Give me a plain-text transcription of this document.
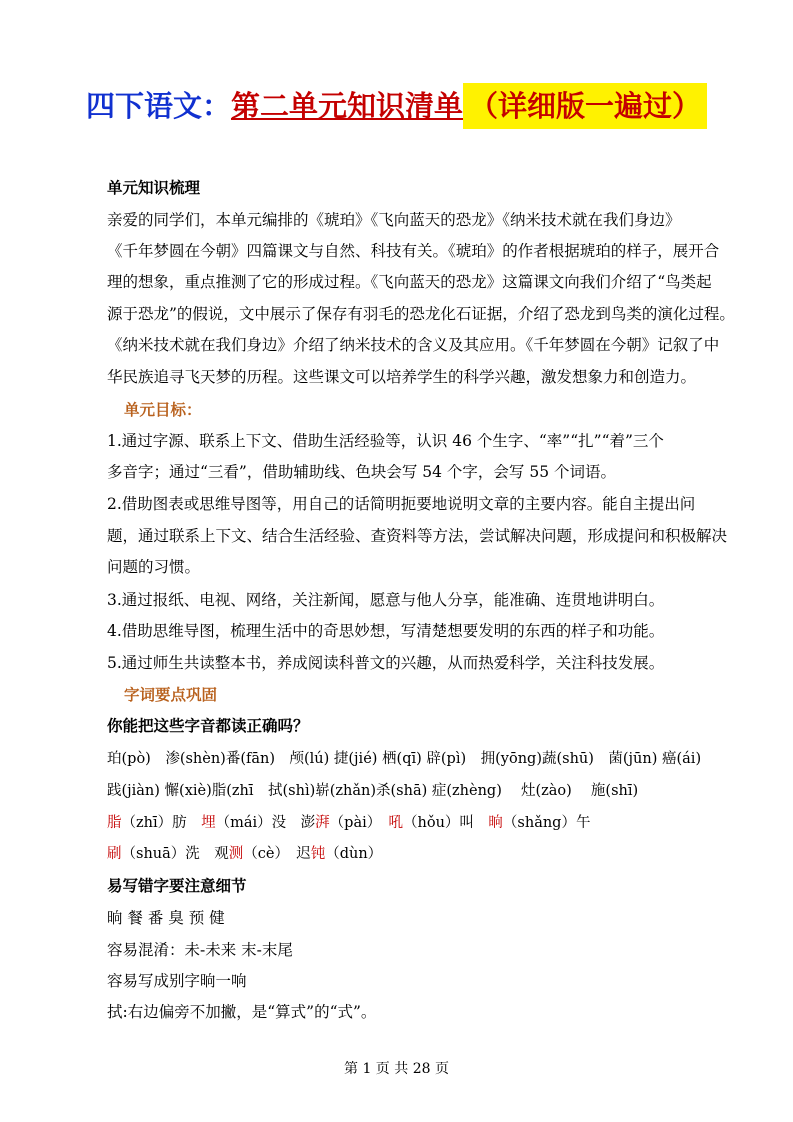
四下语文：第二单元知识清单 （详细版一遍过）
单元知识梳理
亲爱的同学们，本单元编排的《琥珀》《飞向蓝天的恐龙》《纳米技术就在我们身边》
《千年梦圆在今朝》四篇课文与自然、科技有关。《琥珀》的作者根据琥珀的样子，展开合
理的想象，重点推测了它的形成过程。《飞向蓝天的恐龙》这篇课文向我们介绍了“鸟类起
源于恐龙”的假说，文中展示了保存有羽毛的恐龙化石证据，介绍了恐龙到鸟类的演化过程。
《纳米技术就在我们身边》介绍了纳米技术的含义及其应用。《千年梦圆在今朝》记叙了中
华民族追寻飞天梦的历程。这些课文可以培养学生的科学兴趣，激发想象力和创造力。
单元目标：
1.通过字源、联系上下文、借助生活经验等，认识 46 个生字、“率”“扎”“着”三个
多音字；通过“三看”，借助辅助线、色块会写 54 个字，会写 55 个词语。
2.借助图表或思维导图等，用自己的话简明扼要地说明文章的主要内容。能自主提出问
题，通过联系上下文、结合生活经验、查资料等方法，尝试解决问题，形成提问和积极解决
问题的习惯。
3.通过报纸、电视、网络，关注新闻，愿意与他人分享，能准确、连贯地讲明白。
4.借助思维导图，梳理生活中的奇思妙想，写清楚想要发明的东西的样子和功能。
5.通过师生共读整本书，养成阅读科普文的兴趣，从而热爱科学，关注科技发展。
字词要点巩固
你能把这些字音都读正确吗？
珀(pò)　渗(shèn)番(fān)　颅(lú) 捷(jié) 栖(qī) 辟(pì)　拥(yōng)蔬(shū)　菌(jūn) 癌(ái)
践(jiàn) 懈(xiè)脂(zhī　拭(shì)崭(zhǎn)杀(shā) 症(zhèng)　 灶(zào)　 施(shī)
脂（zhī）肪　埋（mái）没　澎湃（pài）　吼（hǒu）叫　晌（shǎng）午
刷（shuā）洗　观测（cè）　迟钝（dùn）
易写错字要注意细节
晌 餐 番 臭 预 健
容易混淆：未-未来 末-末尾
容易写成别字晌一响
拭:右边偏旁不加撇，是“算式”的“式”。
第 1 页 共 28 页
